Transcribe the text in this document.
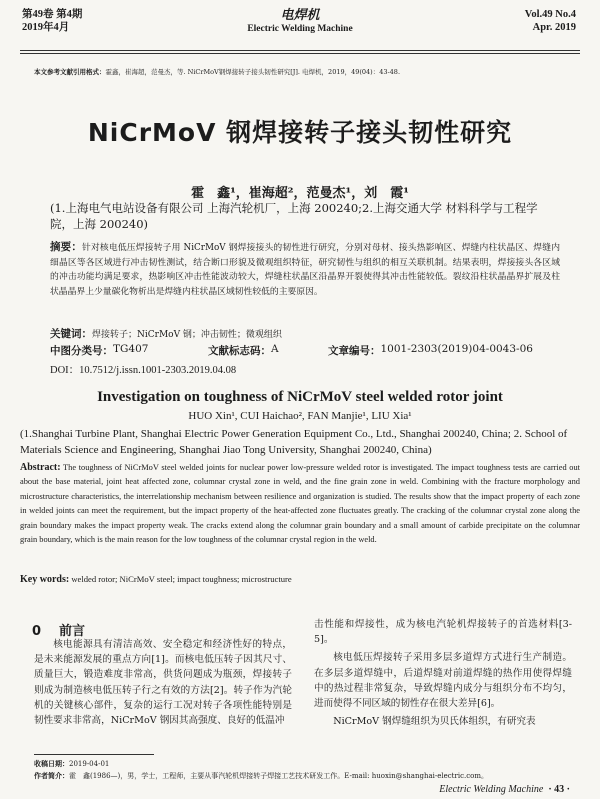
第49卷 第4期
2019年4月
电焊机
Electric Welding Machine
Vol.49 No.4
Apr. 2019
本文参考文献引用格式：霍鑫，崔海超，范曼杰，等. NiCrMoV钢焊接转子接头韧性研究[J]. 电焊机，2019，49(04)：43-48.
NiCrMoV 钢焊接转子接头韧性研究
霍　鑫¹，崔海超²，范曼杰¹，刘　霞¹
(1.上海电气电站设备有限公司 上海汽轮机厂，上海 200240;2.上海交通大学 材料科学与工程学院，上海 200240)
摘要：针对核电低压焊接转子用 NiCrMoV 钢焊接接头的韧性进行研究，分别对母材、接头热影响区、焊缝内柱状晶区、焊缝内细晶区等各区域进行冲击韧性测试，结合断口形貌及微观组织特征，研究韧性与组织的相互关联机制。结果表明，焊接接头各区域的冲击功能均满足要求，热影响区冲击性能波动较大，焊缝柱状晶区沿晶界开裂使得其冲击性能较低。裂纹沿柱状晶晶界扩展及柱状晶晶界上少量碳化物析出是焊缝内柱状晶区域韧性较低的主要原因。
关键词：焊接转子；NiCrMoV 钢；冲击韧性；微观组织
中图分类号： TG407	文献标志码： A	文章编号： 1001-2303(2019)04-0043-06
DOI：10.7512/j.issn.1001-2303.2019.04.08
Investigation on toughness of NiCrMoV steel welded rotor joint
HUO Xin¹, CUI Haichao², FAN Manjie¹, LIU Xia¹
(1.Shanghai Turbine Plant, Shanghai Electric Power Generation Equipment Co., Ltd., Shanghai 200240, China; 2. School of Materials Science and Engineering, Shanghai Jiao Tong University, Shanghai 200240, China)
Abstract: The toughness of NiCrMoV steel welded joints for nuclear power low-pressure welded rotor is investigated. The impact toughness tests are carried out about the base material, joint heat affected zone, columnar crystal zone in weld, and the fine grain zone in weld. Combining with the fracture morphology and microstructure characteristics, the interrelationship mechanism between resilience and organization is studied. The results show that the impact property of each zone in welded joints can meet the requirement, but the impact property of the heat-affected zone fluctuates greatly. The cracking of the columnar crystal zone along the grain boundary makes the impact property weak. The cracks extend along the columnar grain boundary and a small amount of carbide precipitate on the columnar grain boundary, which is the main reason for the low toughness of the columnar crystal region in the weld.
Key words: welded rotor; NiCrMoV steel; impact toughness; microstructure
0 前言

核电能源具有清洁高效、安全稳定和经济性好的特点，是未来能源发展的重点方向[1]。而核电低压转子因其尺寸、质量巨大，锻造难度非常高，供货问题成为瓶颈，焊接转子则成为制造核电低压转子行之有效的方法[2]。转子作为汽轮机的关键核心部件，复杂的运行工况对转子各项性能特别是韧性要求非常高，NiCrMoV 钢因其高强度、良好的低温冲

击性能和焊接性，成为核电汽轮机焊接转子的首选材料[3-5]。

核电低压焊接转子采用多层多道焊方式进行生产制造。在多层多道焊缝中，后道焊缝对前道焊缝的热作用使得焊缝中的热过程非常复杂，导致焊缝内成分与组织分布不均匀，进而使得不同区域的韧性存在很大差异[6]。

NiCrMoV 钢焊缝组织为贝氏体组织，有研究表

收稿日期：2019-04-01
作者简介：霍　鑫(1986—)，男，学士，工程师，主要从事汽轮机焊接转子焊接工艺技术研发工作。E-mail: huoxin@shanghai-electric.com。
Electric Welding Machine · 43 ·
